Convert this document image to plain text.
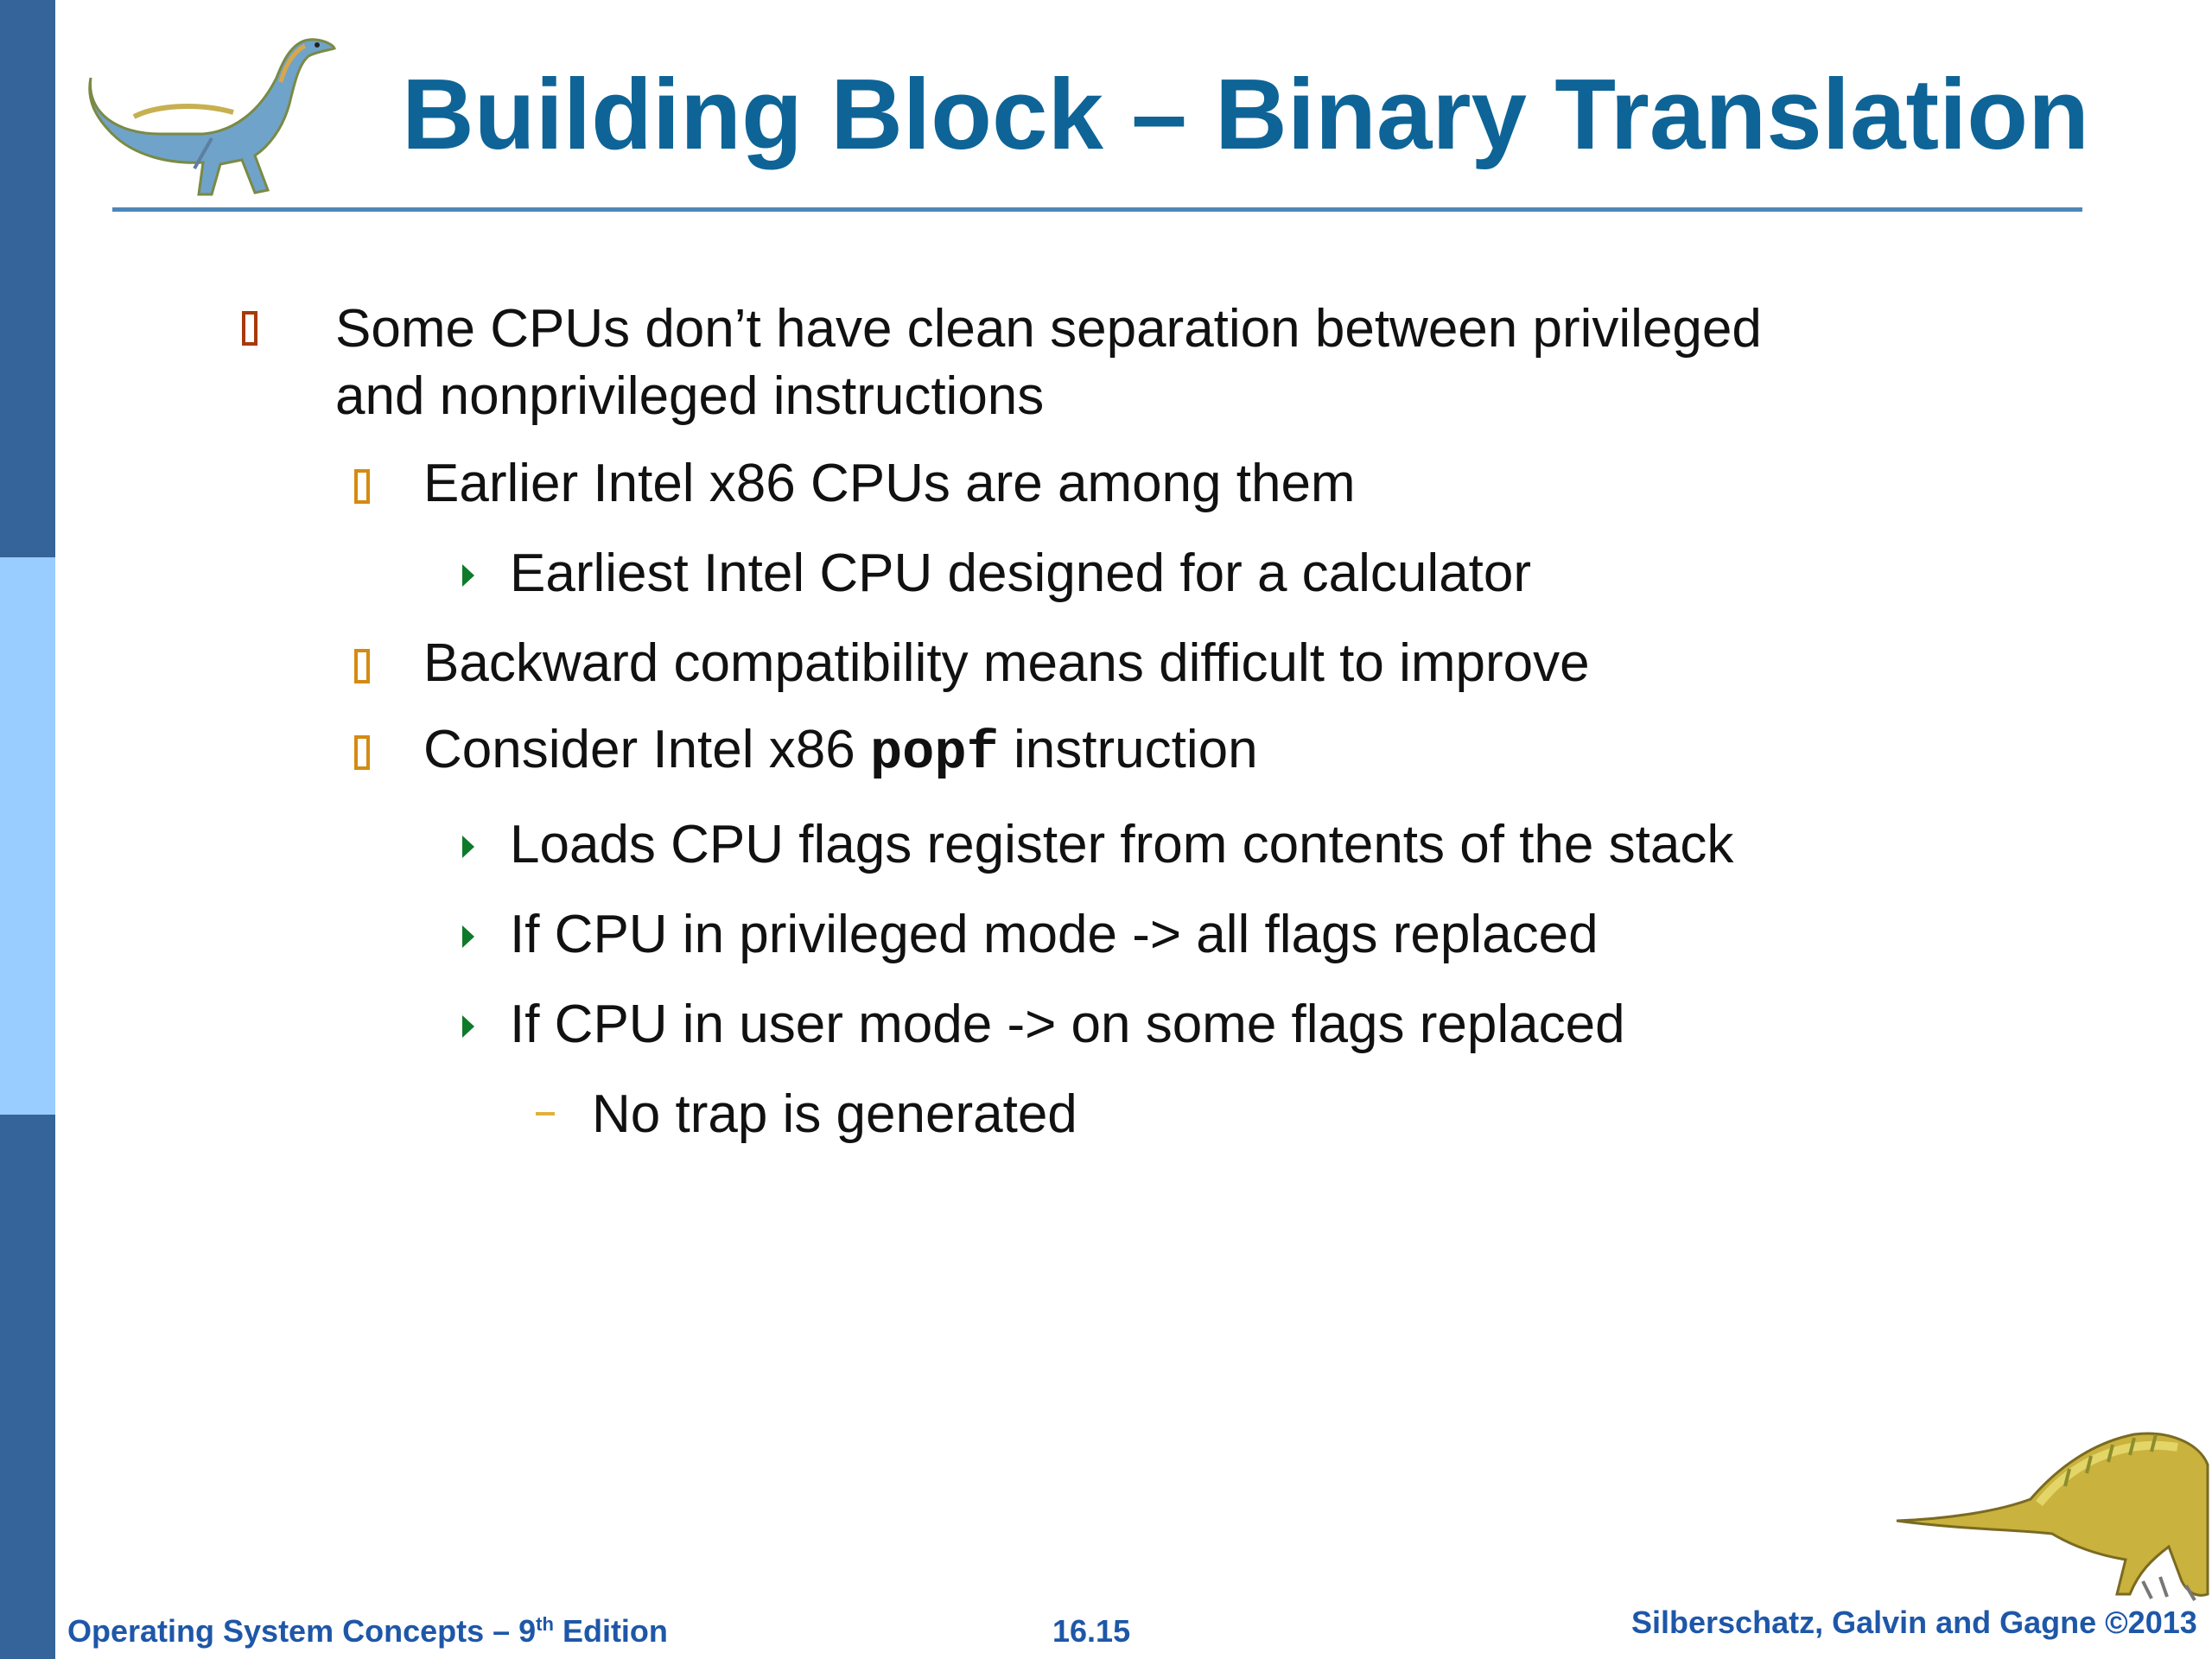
Building Block – Binary Translation
Some CPUs don’t have clean separation between privileged
and nonprivileged instructions
Earlier Intel x86 CPUs are among them
Earliest Intel CPU designed for a calculator
Backward compatibility means difficult to improve
Consider Intel x86 popf instruction
Loads CPU flags register from contents of the stack
If CPU in privileged mode -> all flags replaced
If CPU in user mode -> on some flags replaced
No trap is generated
Operating System Concepts – 9th Edition	16.15	Silberschatz, Galvin and Gagne ©2013
